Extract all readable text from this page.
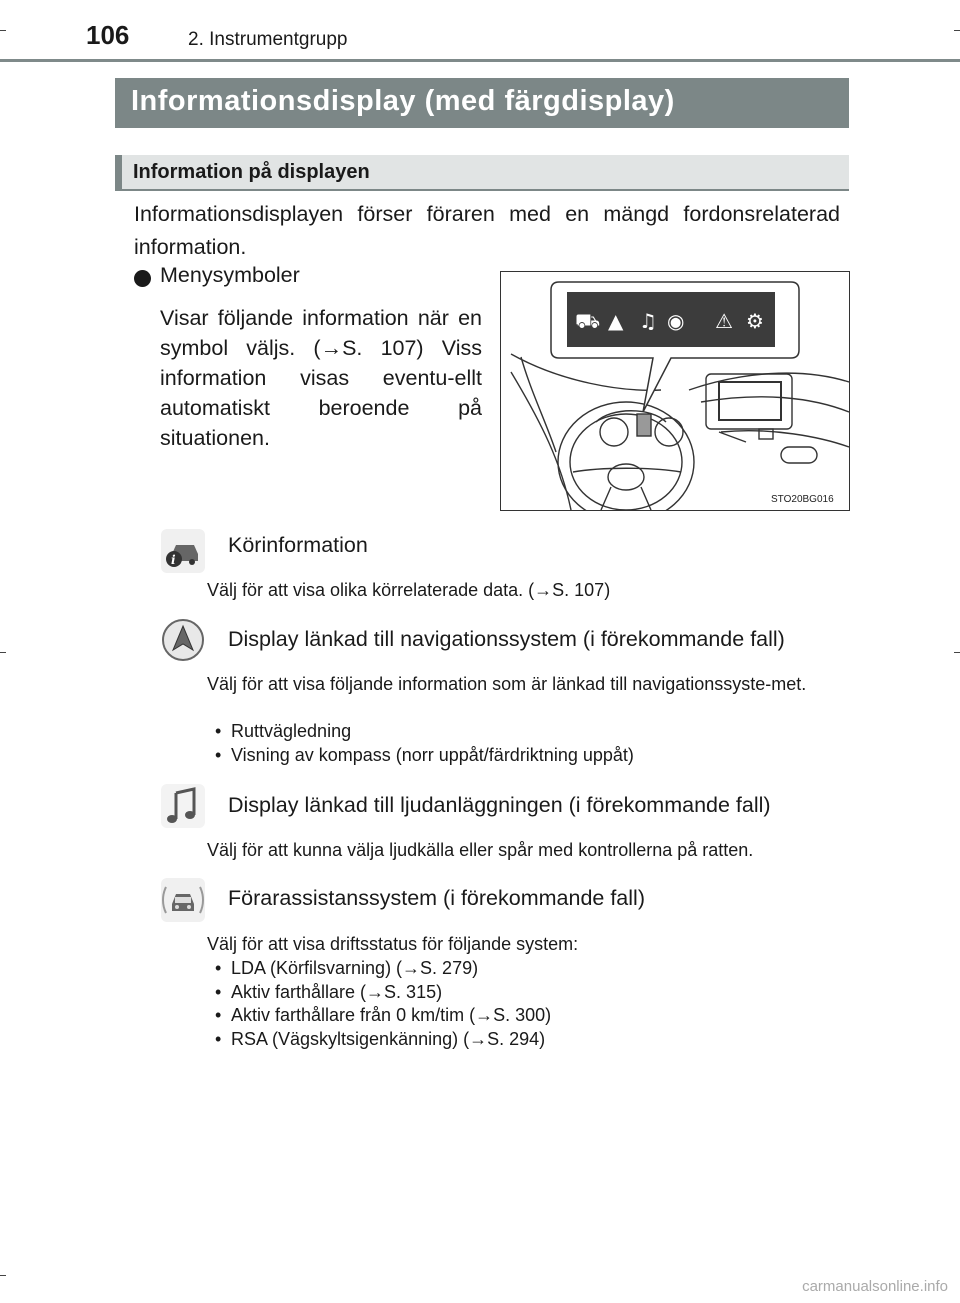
106	2. Instrumentgrupp
Informationsdisplay (med färgdisplay)
Information på displayen
Informationsdisplayen förser föraren med en mängd fordonsrelaterad information.
Menysymboler
Visar följande information när en symbol väljs. (→S. 107) Viss information visas eventu-ellt automatiskt beroende på situationen.
⛟ ▲ ♫ ◉ ⚠ ⚙
STO20BG016
i
Körinformation
Välj för att visa olika körrelaterade data. (→S. 107)
Display länkad till navigationssystem (i förekommande fall)
Välj för att visa följande information som är länkad till navigationssyste-met.
• Ruttvägledning
• Visning av kompass (norr uppåt/färdriktning uppåt)
Display länkad till ljudanläggningen (i förekommande fall)
Välj för att kunna välja ljudkälla eller spår med kontrollerna på ratten.
Förarassistanssystem (i förekommande fall)
Välj för att visa driftsstatus för följande system:
• LDA (Körfilsvarning) (→S. 279)
• Aktiv farthållare (→S. 315)
• Aktiv farthållare från 0 km/tim (→S. 300)
• RSA (Vägskyltsigenkänning) (→S. 294)
carmanualsonline.info
